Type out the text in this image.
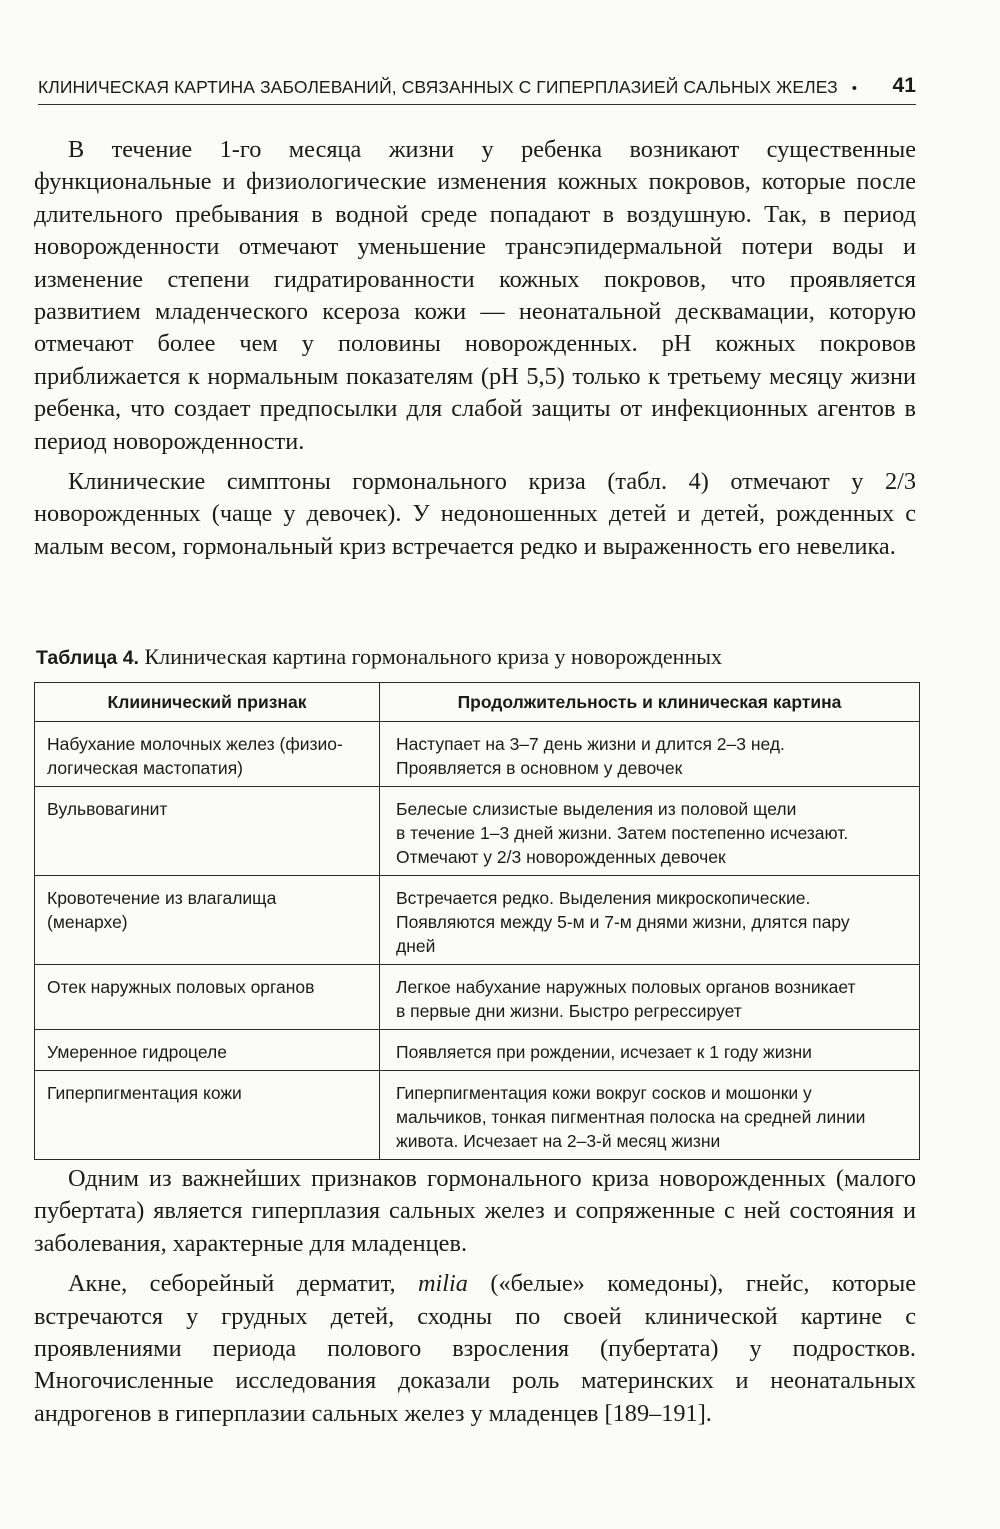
КЛИНИЧЕСКАЯ КАРТИНА ЗАБОЛЕВАНИЙ, СВЯЗАННЫХ С ГИПЕРПЛАЗИЕЙ САЛЬНЫХ ЖЕЛЕЗ •	41

В течение 1-го месяца жизни у ребенка возникают существенные функциональные и физиологические изменения кожных покровов, которые после длительного пребывания в водной среде попадают в воздушную. Так, в период новорожденности отмечают уменьшение трансэпидермальной потери воды и изменение степени гидратированности кожных покровов, что проявляется развитием младенческого ксероза кожи — неонатальной десквамации, которую отмечают более чем у половины новорожденных. pH кожных покровов приближается к нормальным показателям (pH 5,5) только к третьему месяцу жизни ребенка, что создает предпосылки для слабой защиты от инфекционных агентов в период новорожденности.

Клинические симптоны гормонального криза (табл. 4) отмечают у 2/3 новорожденных (чаще у девочек). У недоношенных детей и детей, рожденных с малым весом, гормональный криз встречается редко и выраженность его невелика.

Таблица 4. Клиническая картина гормонального криза у новорожденных
Клиинический признак	Продолжительность и клиническая картина

Набухание молочных желез (физио-
логическая мастопатия)	Наступает на 3–7 день жизни и длится 2–3 нед.
Проявляется в основном у девочек

Вульвовагинит	Белесые слизистые выделения из половой щели
в течение 1–3 дней жизни. Затем постепенно исчезают.
Отмечают у 2/3 новорожденных девочек

Кровотечение из влагалища
(менархе)	Встречается редко. Выделения микроскопические.
Появляются между 5-м и 7-м днями жизни, длятся пару
дней

Отек наружных половых органов	Легкое набухание наружных половых органов возникает
в первые дни жизни. Быстро регрессирует

Умеренное гидроцеле	Появляется при рождении, исчезает к 1 году жизни

Гиперпигментация кожи	Гиперпигментация кожи вокруг сосков и мошонки у
мальчиков, тонкая пигментная полоска на средней линии
живота. Исчезает на 2–3-й месяц жизни

Одним из важнейших признаков гормонального криза новорожденных (малого пубертата) является гиперплазия сальных желез и сопряженные с ней состояния и заболевания, характерные для младенцев.

Акне, себорейный дерматит, milia («белые» комедоны), гнейс, которые встречаются у грудных детей, сходны по своей клинической картине с проявлениями периода полового взросления (пубертата) у подростков. Многочисленные исследования доказали роль материнских и неонатальных андрогенов в гиперплазии сальных желез у младенцев [189–191].
